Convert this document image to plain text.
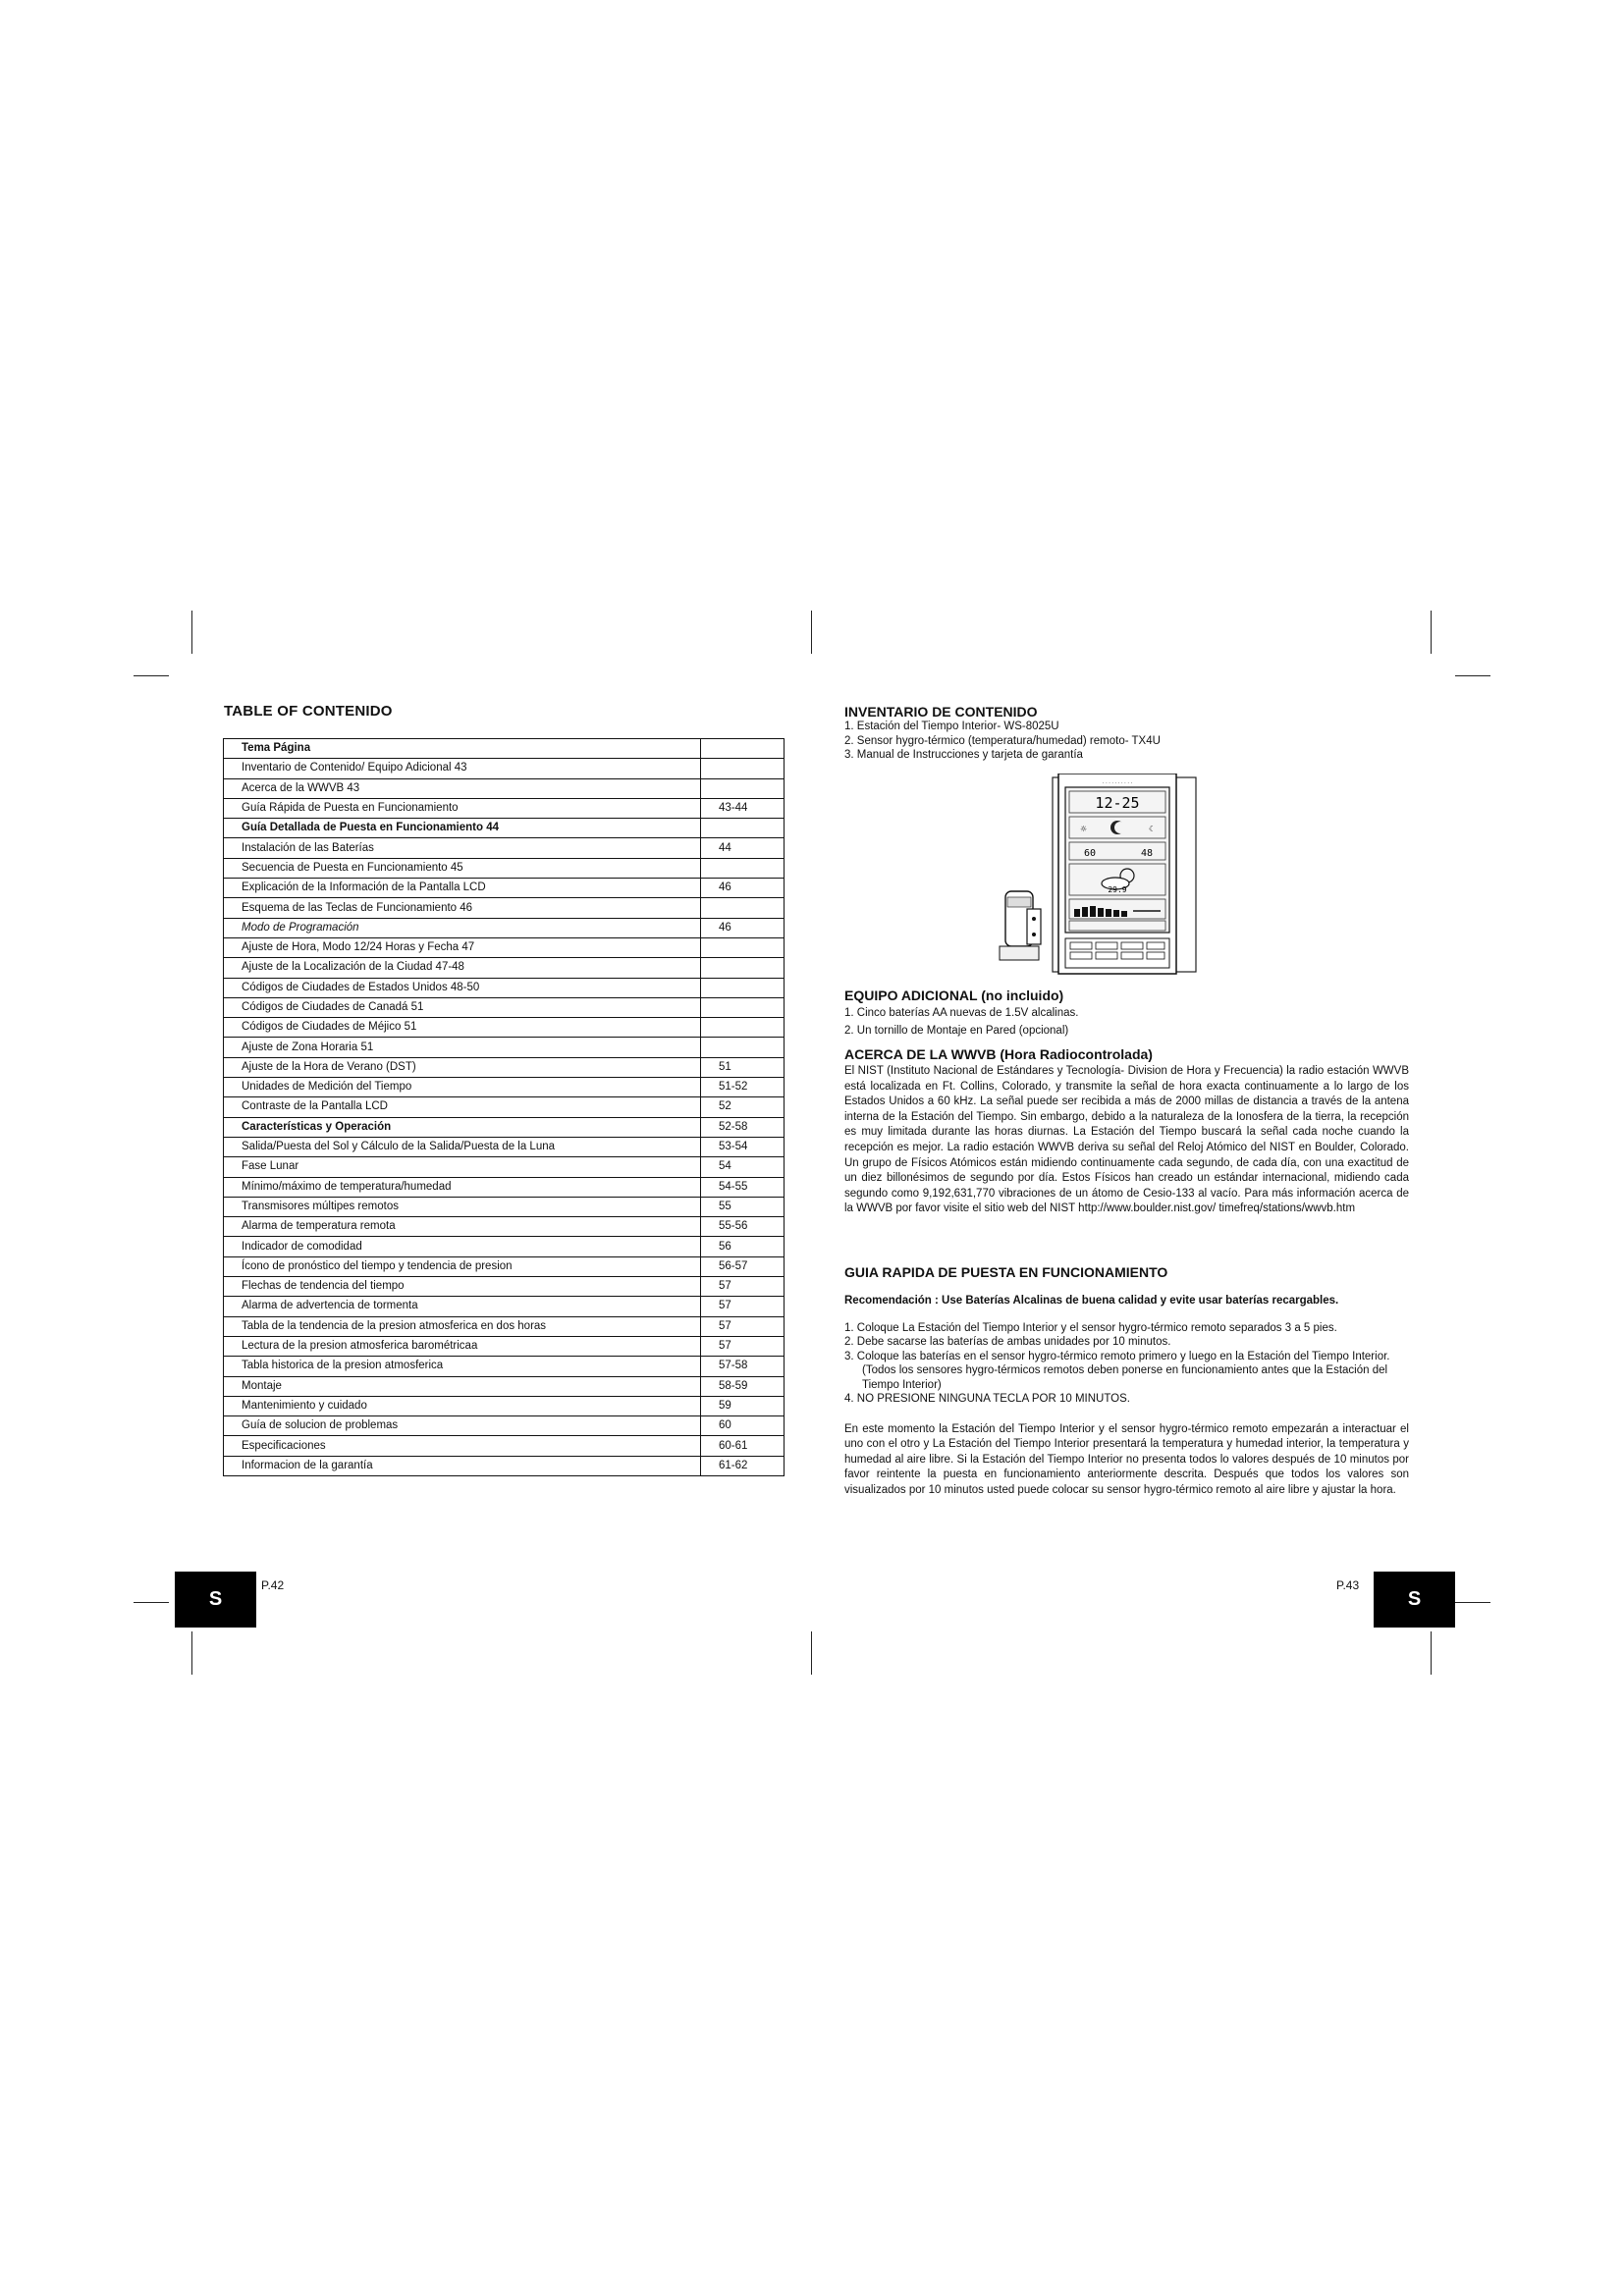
TABLE OF CONTENIDO
Tema Página	
Inventario de Contenido/ Equipo Adicional 43	
Acerca de la WWVB 43	
Guía Rápida de Puesta en Funcionamiento	43-44
Guía Detallada de Puesta en Funcionamiento 44	
Instalación de las Baterías	44
Secuencia de Puesta en Funcionamiento 45	
Explicación de la Información de la Pantalla LCD	46
Esquema de las Teclas de Funcionamiento 46	
Modo de Programación	46
Ajuste de Hora, Modo 12/24 Horas y Fecha 47	
Ajuste de la Localización de la Ciudad 47-48	
Códigos de Ciudades de Estados Unidos 48-50	
Códigos de Ciudades de Canadá 51	
Códigos de Ciudades de Méjico 51	
Ajuste de Zona Horaria 51	
Ajuste de la Hora de Verano (DST)	51
Unidades de Medición del Tiempo	51-52
Contraste de la Pantalla LCD	52
Características y Operación	52-58
Salida/Puesta del Sol y Cálculo de la Salida/Puesta de la Luna	53-54
Fase Lunar	54
Mínimo/máximo de temperatura/humedad	54-55
Transmisores múltipes remotos	55
Alarma de temperatura remota	55-56
Indicador de comodidad	56
Ícono de pronóstico del tiempo y tendencia de presion	56-57
Flechas de tendencia del tiempo	57
Alarma de advertencia de tormenta	57
Tabla de la tendencia de la presion atmosferica en dos horas	57
Lectura de la presion atmosferica barométricaa	57
Tabla historica de la presion atmosferica	57-58
Montaje	58-59
Mantenimiento y cuidado	59
Guía de solucion de problemas	60
Especificaciones	60-61
Informacion de la garantía	61-62
S
P.42
INVENTARIO DE CONTENIDO
1. Estación del Tiempo Interior- WS-8025U
2. Sensor hygro-térmico (temperatura/humedad) remoto- TX4U
3. Manual de Instrucciones y tarjeta de garantía
· · · · · · · · · ·
12-25
☼	☾
60	48
29.9
EQUIPO ADICIONAL (no incluido)
1. Cinco baterías AA nuevas de 1.5V alcalinas.
2. Un tornillo de Montaje en Pared (opcional)
ACERCA DE LA WWVB (Hora Radiocontrolada)

El NIST (Instituto Nacional de Estándares y Tecnología- Division de Hora y Frecuencia) la radio estación WWVB está localizada en Ft. Collins, Colorado, y transmite la señal de hora exacta continuamente a lo largo de los Estados Unidos a 60 kHz. La señal puede ser recibida a más de 2000 millas de distancia a través de la antena interna de la Estación del Tiempo. Sin embargo, debido a la naturaleza de la Ionosfera de la tierra, la recepción es muy limitada durante las horas diurnas. La Estación del Tiempo buscará la señal cada noche cuando la recepción es mejor. La radio estación WWVB deriva su señal del Reloj Atómico del NIST en Boulder, Colorado. Un grupo de Físicos Atómicos están midiendo continuamente cada segundo, de cada día, con una exactitud de un diez billonésimos de segundo por día. Estos Físicos han creado un estándar internacional, midiendo cada segundo como 9,192,631,770 vibraciones de un átomo de Cesio-133 al vacío. Para más información acerca de la WWVB por favor visite el sitio web del NIST http://www.boulder.nist.gov/ timefreq/stations/wwvb.htm

GUIA RAPIDA DE PUESTA EN FUNCIONAMIENTO

Recomendación : Use Baterías Alcalinas de buena calidad y evite usar baterías recargables.

1. Coloque La Estación del Tiempo Interior y el sensor hygro-térmico remoto separados 3 a 5 pies.
2. Debe sacarse las baterías de ambas unidades por 10 minutos.
3. Coloque las baterías en el sensor hygro-térmico remoto primero y luego en la Estación del Tiempo Interior.
(Todos los sensores hygro-térmicos remotos deben ponerse en funcionamiento antes que la Estación del Tiempo Interior)
4. NO PRESIONE NINGUNA TECLA POR 10 MINUTOS.

En este momento la Estación del Tiempo Interior y el sensor hygro-térmico remoto empezarán a interactuar el uno con el otro y La Estación del Tiempo Interior presentará la temperatura y humedad interior, la temperatura y humedad al aire libre. Si la Estación del Tiempo Interior no presenta todos lo valores después de 10 minutos por favor reintente la puesta en funcionamiento anteriormente descrita. Después que todos los valores son visualizados por 10 minutos usted puede colocar su sensor hygro-térmico remoto al aire libre y ajustar la hora.

P.43
S
